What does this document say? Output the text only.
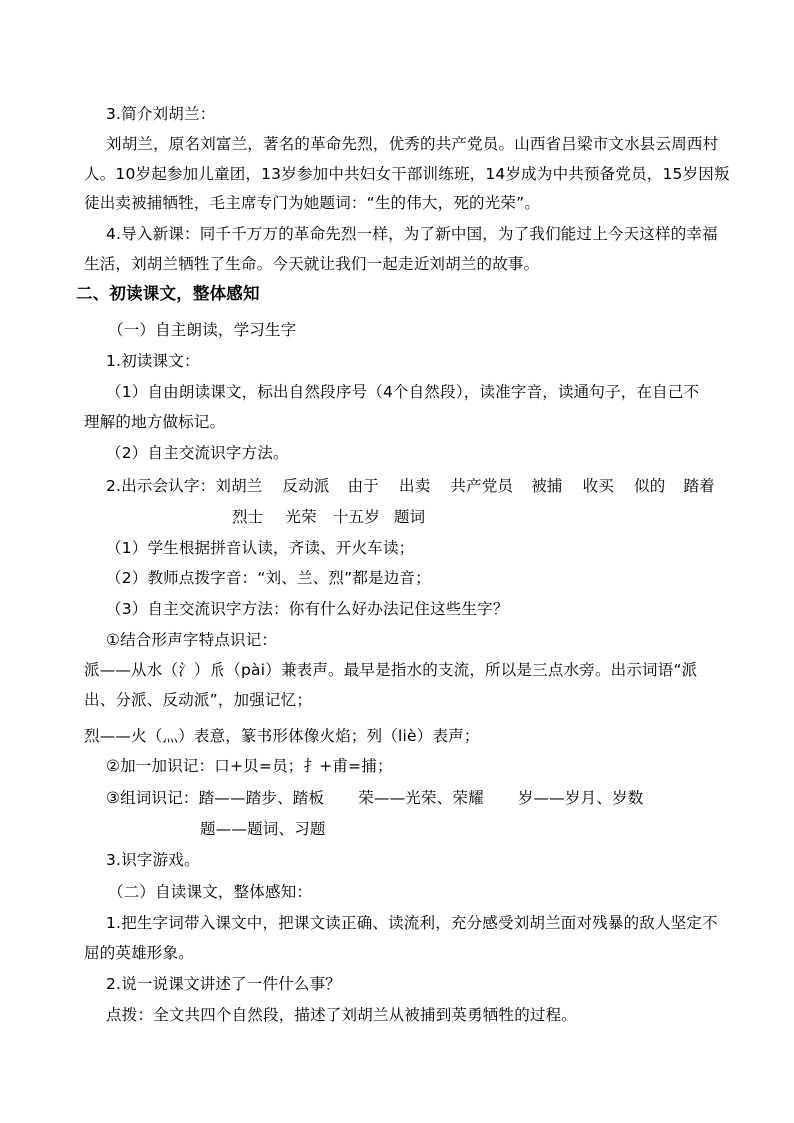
3.简介刘胡兰：
刘胡兰，原名刘富兰，著名的革命先烈，优秀的共产党员。山西省吕梁市文水县云周西村
人。10岁起参加儿童团，13岁参加中共妇女干部训练班，14岁成为中共预备党员，15岁因叛
徒出卖被捕牺牲，毛主席专门为她题词：“生的伟大，死的光荣”。
4.导入新课：同千千万万的革命先烈一样，为了新中国，为了我们能过上今天这样的幸福
生活，刘胡兰牺牲了生命。今天就让我们一起走近刘胡兰的故事。
二、初读课文，整体感知
（一）自主朗读，学习生字
1.初读课文：
（1）自由朗读课文，标出自然段序号（4个自然段），读准字音，读通句子，在自己不
理解的地方做标记。
（2）自主交流识字方法。
2.出示会认字：刘胡兰 反动派 由于 出卖 共产党员 被捕 收买 似的 踏着
烈士 光荣 十五岁 题词
（1）学生根据拼音认读，齐读、开火车读；
（2）教师点拨字音：“刘、兰、烈”都是边音；
（3）自主交流识字方法：你有什么好办法记住这些生字？
①结合形声字特点识记：
派——从水（氵）𠂢（pài）兼表声。最早是指水的支流，所以是三点水旁。出示词语“派
出、分派、反动派”，加强记忆；
烈——火（灬）表意，篆书形体像火焰；列（liè）表声；
②加一加识记：口+贝=员；扌+甫=捕；
③组词识记：踏——踏步、踏板 荣——光荣、荣耀 岁——岁月、岁数
题——题词、习题
3.识字游戏。
（二）自读课文，整体感知：
1.把生字词带入课文中，把课文读正确、读流利，充分感受刘胡兰面对残暴的敌人坚定不
屈的英雄形象。
2.说一说课文讲述了一件什么事？
点拨：全文共四个自然段，描述了刘胡兰从被捕到英勇牺牲的过程。
